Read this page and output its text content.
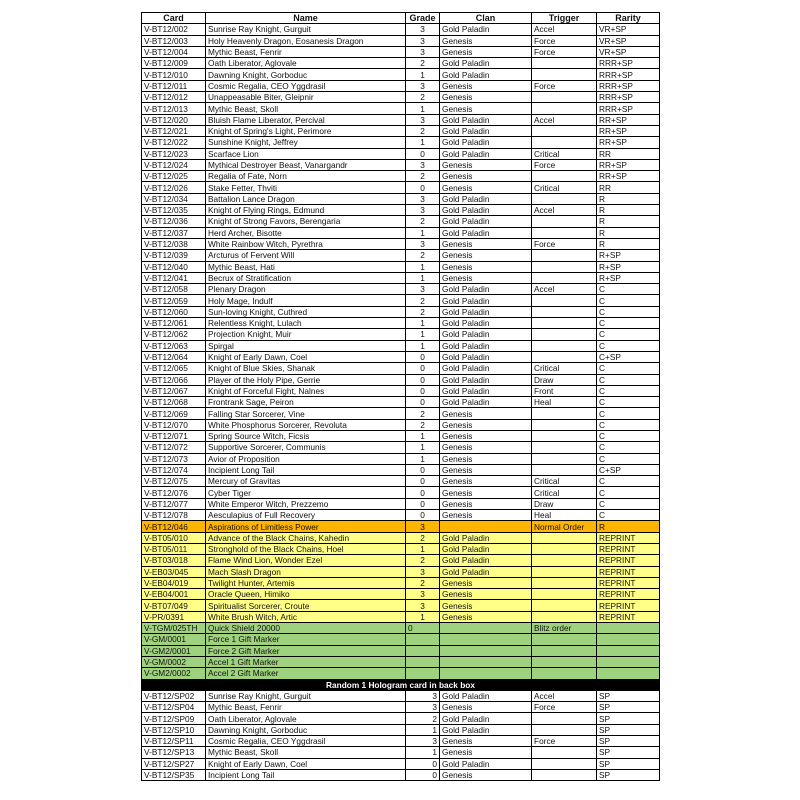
Card	Name	Grade	Clan	Trigger	Rarity
V-BT12/002	Sunrise Ray Knight, Gurguit	3	Gold Paladin	Accel	VR+SP
V-BT12/003	Holy Heavenly Dragon, Eosanesis Dragon	3	Genesis	Force	VR+SP
V-BT12/004	Mythic Beast, Fenrir	3	Genesis	Force	VR+SP
V-BT12/009	Oath Liberator, Aglovale	2	Gold Paladin		RRR+SP
V-BT12/010	Dawning Knight, Gorboduc	1	Gold Paladin		RRR+SP
V-BT12/011	Cosmic Regalia, CEO Yggdrasil	3	Genesis	Force	RRR+SP
V-BT12/012	Unappeasable Biter, Gleipnir	2	Genesis		RRR+SP
V-BT12/013	Mythic Beast, Skoll	1	Genesis		RRR+SP
V-BT12/020	Bluish Flame Liberator, Percival	3	Gold Paladin	Accel	RR+SP
V-BT12/021	Knight of Spring's Light, Perimore	2	Gold Paladin		RR+SP
V-BT12/022	Sunshine Knight, Jeffrey	1	Gold Paladin		RR+SP
V-BT12/023	Scarface Lion	0	Gold Paladin	Critical	RR
V-BT12/024	Mythical Destroyer Beast, Vanargandr	3	Genesis	Force	RR+SP
V-BT12/025	Regalia of Fate, Norn	2	Genesis		RR+SP
V-BT12/026	Stake Fetter, Thviti	0	Genesis	Critical	RR
V-BT12/034	Battalion Lance Dragon	3	Gold Paladin		R
V-BT12/035	Knight of Flying Rings, Edmund	3	Gold Paladin	Accel	R
V-BT12/036	Knight of Strong Favors, Berengaria	2	Gold Paladin		R
V-BT12/037	Herd Archer, Bisotte	1	Gold Paladin		R
V-BT12/038	White Rainbow Witch, Pyrethra	3	Genesis	Force	R
V-BT12/039	Arcturus of Fervent Will	2	Genesis		R+SP
V-BT12/040	Mythic Beast, Hati	1	Genesis		R+SP
V-BT12/041	Becrux of Stratification	1	Genesis		R+SP
V-BT12/058	Plenary Dragon	3	Gold Paladin	Accel	C
V-BT12/059	Holy Mage, Indulf	2	Gold Paladin		C
V-BT12/060	Sun-loving Knight, Cuthred	2	Gold Paladin		C
V-BT12/061	Relentless Knight, Lulach	1	Gold Paladin		C
V-BT12/062	Projection Knight, Muir	1	Gold Paladin		C
V-BT12/063	Spirgal	1	Gold Paladin		C
V-BT12/064	Knight of Early Dawn, Coel	0	Gold Paladin		C+SP
V-BT12/065	Knight of Blue Skies, Shanak	0	Gold Paladin	Critical	C
V-BT12/066	Player of the Holy Pipe, Gerrie	0	Gold Paladin	Draw	C
V-BT12/067	Knight of Forceful Fight, Nalnes	0	Gold Paladin	Front	C
V-BT12/068	Frontrank Sage, Peiron	0	Gold Paladin	Heal	C
V-BT12/069	Falling Star Sorcerer, Vine	2	Genesis		C
V-BT12/070	White Phosphorus Sorcerer, Revoluta	2	Genesis		C
V-BT12/071	Spring Source Witch, Ficsis	1	Genesis		C
V-BT12/072	Supportive Sorcerer, Communis	1	Genesis		C
V-BT12/073	Avior of Proposition	1	Genesis		C
V-BT12/074	Incipient Long Tail	0	Genesis		C+SP
V-BT12/075	Mercury of Gravitas	0	Genesis	Critical	C
V-BT12/076	Cyber Tiger	0	Genesis	Critical	C
V-BT12/077	White Emperor Witch, Prezzemo	0	Genesis	Draw	C
V-BT12/078	Aesculapius of Full Recovery	0	Genesis	Heal	C
V-BT12/046	Aspirations of Limitless Power	3		Normal Order	R
V-BT05/010	Advance of the Black Chains, Kahedin	2	Gold Paladin		REPRINT
V-BT05/011	Stronghold of the Black Chains, Hoel	1	Gold Paladin		REPRINT
V-BT03/018	Flame Wind Lion, Wonder Ezel	2	Gold Paladin		REPRINT
V-EB03/045	Mach Slash Dragon	3	Gold Paladin		REPRINT
V-EB04/019	Twilight Hunter, Artemis	2	Genesis		REPRINT
V-EB04/001	Oracle Queen, Himiko	3	Genesis		REPRINT
V-BT07/049	Spiritualist Sorcerer, Croute	3	Genesis		REPRINT
V-PR/0391	White Brush Witch, Artic	1	Genesis		REPRINT
V-TGM/025TH	Quick Shield 20000	0		Blitz order	
V-GM/0001	Force 1 Gift Marker				
V-GM2/0001	Force 2 Gift Marker				
V-GM/0002	Accel 1 Gift Marker				
V-GM2/0002	Accel 2 Gift Marker				
Random 1 Hologram card in back box					
V-BT12/SP02	Sunrise Ray Knight, Gurguit	3	Gold Paladin	Accel	SP
V-BT12/SP04	Mythic Beast, Fenrir	3	Genesis	Force	SP
V-BT12/SP09	Oath Liberator, Aglovale	2	Gold Paladin		SP
V-BT12/SP10	Dawning Knight, Gorboduc	1	Gold Paladin		SP
V-BT12/SP11	Cosmic Regalia, CEO Yggdrasil	3	Genesis	Force	SP
V-BT12/SP13	Mythic Beast, Skoll	1	Genesis		SP
V-BT12/SP27	Knight of Early Dawn, Coel	0	Gold Paladin		SP
V-BT12/SP35	Incipient Long Tail	0	Genesis		SP
